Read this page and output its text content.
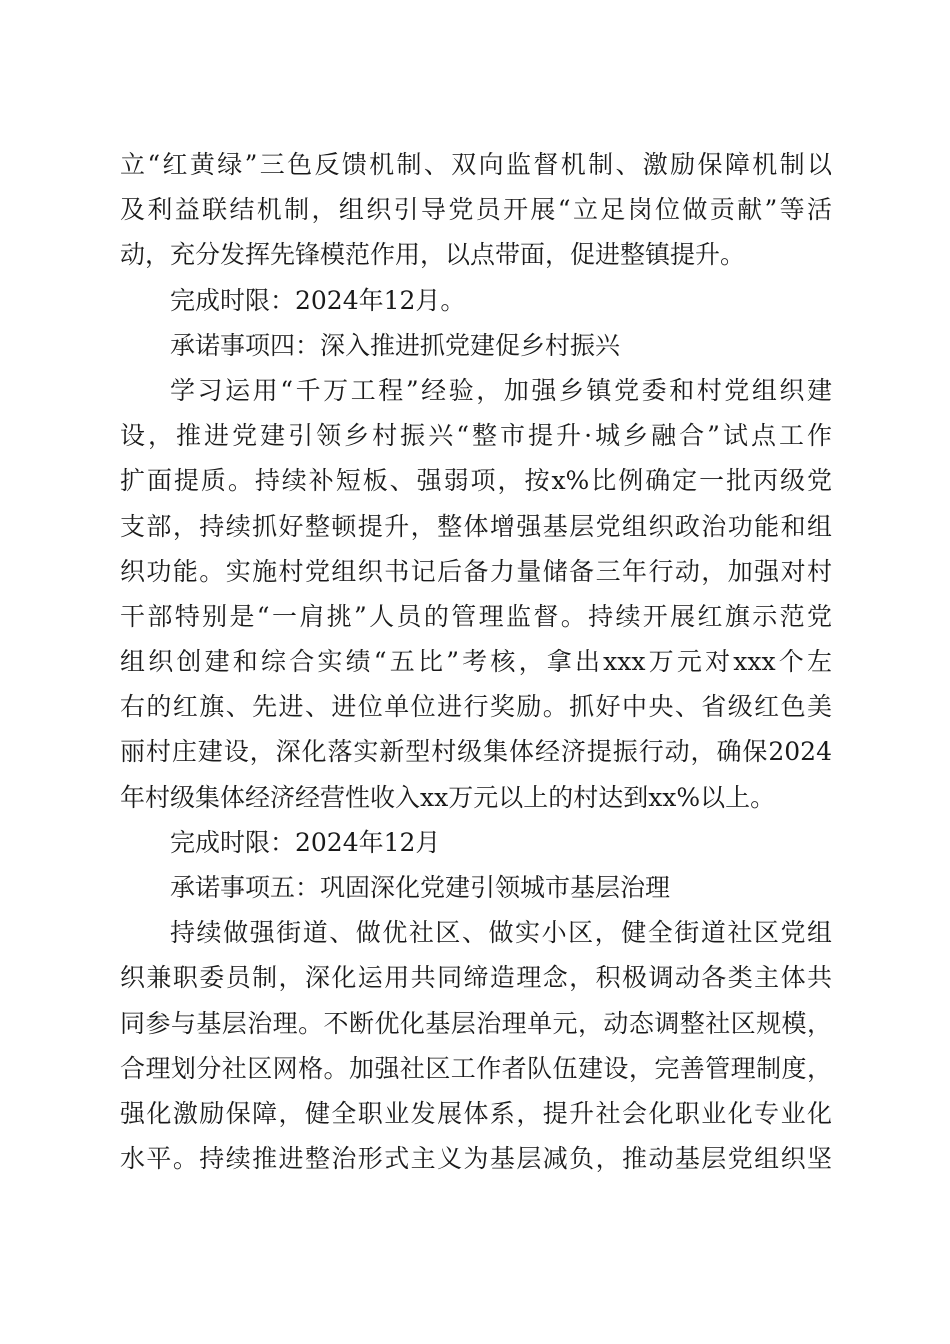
立“红黄绿”三色反馈机制、双向监督机制、激励保障机制以
及利益联结机制，组织引导党员开展“立足岗位做贡献”等活
动，充分发挥先锋模范作用，以点带面，促进整镇提升。
完成时限：2024年12月。
承诺事项四：深入推进抓党建促乡村振兴
学习运用“千万工程”经验，加强乡镇党委和村党组织建
设，推进党建引领乡村振兴“整市提升·城乡融合”试点工作
扩面提质。持续补短板、强弱项，按x%比例确定一批丙级党
支部，持续抓好整顿提升，整体增强基层党组织政治功能和组
织功能。实施村党组织书记后备力量储备三年行动，加强对村
干部特别是“一肩挑”人员的管理监督。持续开展红旗示范党
组织创建和综合实绩“五比”考核，拿出xxx万元对xxx个左
右的红旗、先进、进位单位进行奖励。抓好中央、省级红色美
丽村庄建设，深化落实新型村级集体经济提振行动，确保2024
年村级集体经济经营性收入xx万元以上的村达到xx%以上。
完成时限：2024年12月
承诺事项五：巩固深化党建引领城市基层治理
持续做强街道、做优社区、做实小区，健全街道社区党组
织兼职委员制，深化运用共同缔造理念，积极调动各类主体共
同参与基层治理。不断优化基层治理单元，动态调整社区规模，
合理划分社区网格。加强社区工作者队伍建设，完善管理制度，
强化激励保障，健全职业发展体系，提升社会化职业化专业化
水平。持续推进整治形式主义为基层减负，推动基层党组织坚
